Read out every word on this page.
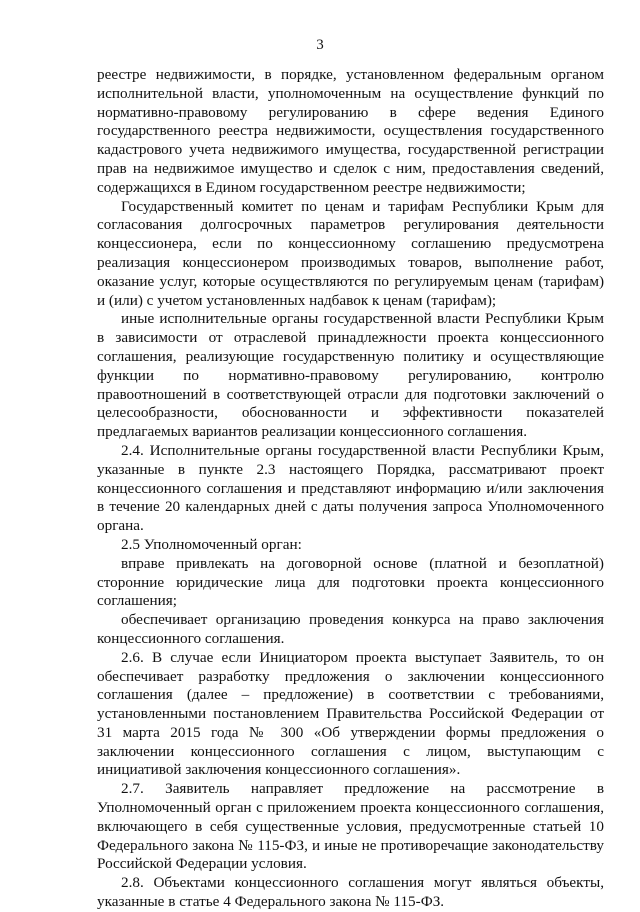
3

реестре недвижимости, в порядке, установленном федеральным органом исполнительной власти, уполномоченным на осуществление функций по нормативно-правовому регулированию в сфере ведения Единого государственного реестра недвижимости, осуществления государственного кадастрового учета недвижимого имущества, государственной регистрации прав на недвижимое имущество и сделок с ним, предоставления сведений, содержащихся в Едином государственном реестре недвижимости;

Государственный комитет по ценам и тарифам Республики Крым для согласования долгосрочных параметров регулирования деятельности концессионера, если по концессионному соглашению предусмотрена реализация концессионером производимых товаров, выполнение работ, оказание услуг, которые осуществляются по регулируемым ценам (тарифам) и (или) с учетом установленных надбавок к ценам (тарифам);

иные исполнительные органы государственной власти Республики Крым в зависимости от отраслевой принадлежности проекта концессионного соглашения, реализующие государственную политику и осуществляющие функции по нормативно-правовому регулированию, контролю правоотношений в соответствующей отрасли для подготовки заключений о целесообразности, обоснованности и эффективности показателей предлагаемых вариантов реализации концессионного соглашения.

2.4. Исполнительные органы государственной власти Республики Крым, указанные в пункте 2.3 настоящего Порядка, рассматривают проект концессионного соглашения и представляют информацию и/или заключения в течение 20 календарных дней с даты получения запроса Уполномоченного органа.

2.5 Уполномоченный орган:

вправе привлекать на договорной основе (платной и безоплатной) сторонние юридические лица для подготовки проекта концессионного соглашения;

обеспечивает организацию проведения конкурса на право заключения концессионного соглашения.

2.6. В случае если Инициатором проекта выступает Заявитель, то он обеспечивает разработку предложения о заключении концессионного соглашения (далее – предложение) в соответствии с требованиями, установленными постановлением Правительства Российской Федерации от 31 марта 2015 года № 300 «Об утверждении формы предложения о заключении концессионного соглашения с лицом, выступающим с инициативой заключения концессионного соглашения».

2.7. Заявитель направляет предложение на рассмотрение в Уполномоченный орган с приложением проекта концессионного соглашения, включающего в себя существенные условия, предусмотренные статьей 10 Федерального закона № 115-ФЗ, и иные не противоречащие законодательству Российской Федерации условия.

2.8. Объектами концессионного соглашения могут являться объекты, указанные в статье 4 Федерального закона № 115-ФЗ.
